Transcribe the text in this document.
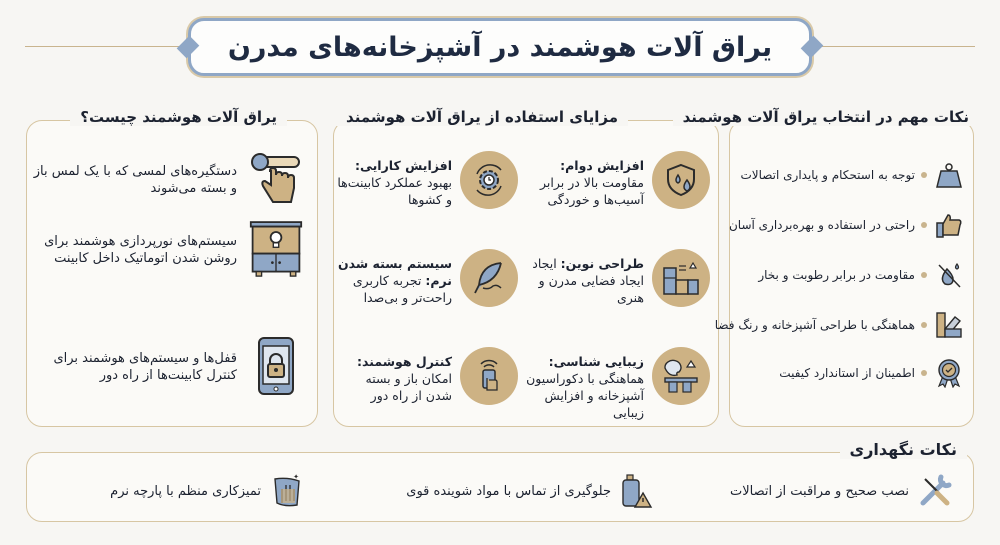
یراق آلات هوشمند در آشپزخانه‌های مدرن
یراق آلات هوشمند چیست؟
دستگیره‌های لمسی که با یک لمس باز و بسته می‌شوند
سیستم‌های نورپردازی هوشمند برای روشن شدن اتوماتیک داخل کابینت
قفل‌ها و سیستم‌های هوشمند برای کنترل کابینت‌ها از راه دور
مزایای استفاده از یراق آلات هوشمند
افزایش دوام:
مقاومت بالا در برابر آسیب‌ها و خوردگی
افزایش کارایی: بهبود عملکرد کابینت‌ها و کشوها
طراحی نوین: ایجاد ایجاد فضایی مدرن و هنری
سیستم بسته شدن نرم: تجربه کاربری راحت‌تر و بی‌صدا
زیبایی شناسی:
هماهنگی با دکوراسیون آشپزخانه و افزایش زیبایی
کنترل هوشمند:
امکان باز و بسته شدن از راه دور
نکات مهم در انتخاب یراق آلات هوشمند
توجه به استحکام و پایداری اتصالات
راحتی در استفاده و بهره‌برداری آسان
مقاومت در برابر رطوبت و بخار
هماهنگی با طراحی آشپزخانه و رنگ فضا
اطمینان از استاندارد کیفیت
نکات نگهداری
نصب صحیح و مراقبت از اتصالات
جلوگیری از تماس با مواد شوینده قوی
✦
تمیزکاری منظم با پارچه نرم
